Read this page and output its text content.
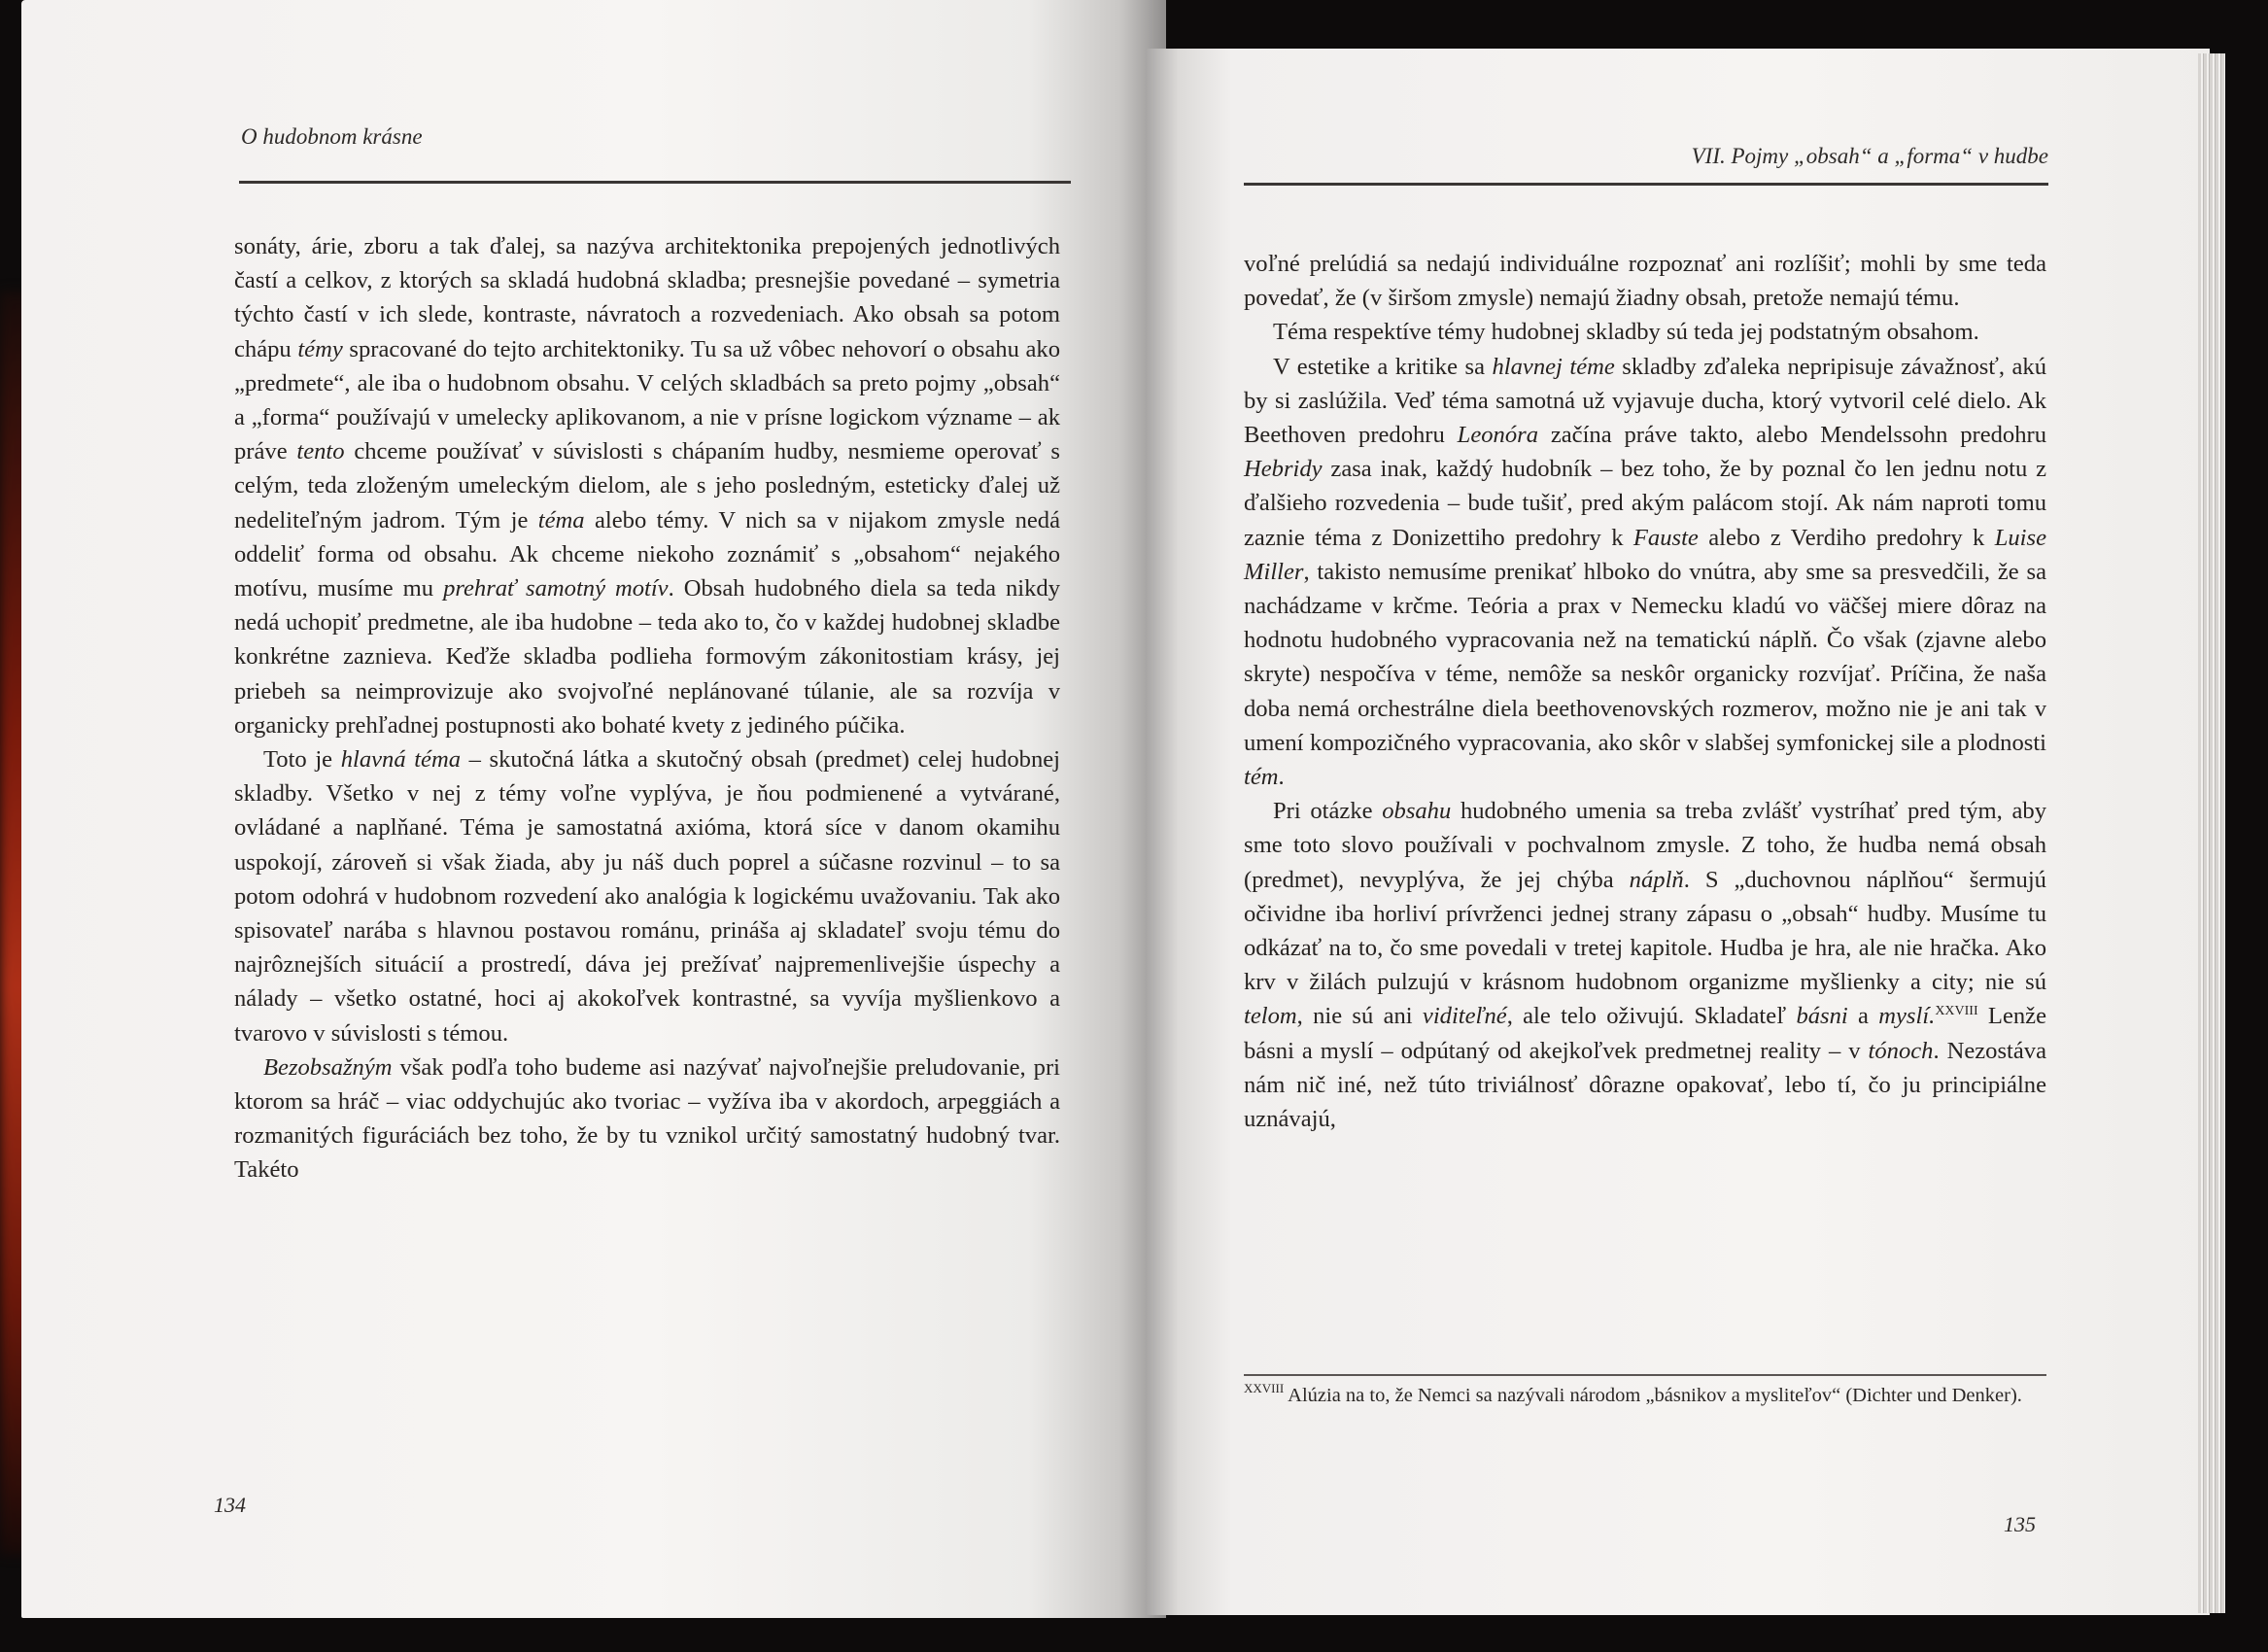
O hudobnom krásne

sonáty, árie, zboru a tak ďalej, sa nazýva architektonika prepojených jednotlivých častí a celkov, z ktorých sa skladá hudobná skladba; presnejšie povedané – symetria týchto častí v ich slede, kontraste, návratoch a rozvedeniach. Ako obsah sa potom chápu témy spracované do tejto architektoniky. Tu sa už vôbec nehovorí o obsahu ako „predmete“, ale iba o hudobnom obsahu. V celých skladbách sa preto pojmy „obsah“ a „forma“ používajú v umelecky aplikovanom, a nie v prísne logickom význame – ak práve tento chceme používať v súvislosti s chápaním hudby, nesmieme operovať s celým, teda zloženým umeleckým dielom, ale s jeho posledným, esteticky ďalej už nedeliteľným jadrom. Tým je téma alebo témy. V nich sa v nijakom zmysle nedá oddeliť forma od obsahu. Ak chceme niekoho zoznámiť s „obsahom“ nejakého motívu, musíme mu prehrať samotný motív. Obsah hudobného diela sa teda nikdy nedá uchopiť predmetne, ale iba hudobne – teda ako to, čo v každej hudobnej skladbe konkrétne zaznieva. Keďže skladba podlieha formovým zákonitostiam krásy, jej priebeh sa neimprovizuje ako svojvoľné neplánované túlanie, ale sa rozvíja v organicky prehľadnej postupnosti ako bohaté kvety z jediného púčika.

Toto je hlavná téma – skutočná látka a skutočný obsah (predmet) celej hudobnej skladby. Všetko v nej z témy voľne vyplýva, je ňou podmienené a vytvárané, ovládané a naplňané. Téma je samostatná axióma, ktorá síce v danom okamihu uspokojí, zároveň si však žiada, aby ju náš duch poprel a súčasne rozvinul – to sa potom odohrá v hudobnom rozvedení ako analógia k logickému uvažovaniu. Tak ako spisovateľ narába s hlavnou postavou románu, prináša aj skladateľ svoju tému do najrôznejších situácií a prostredí, dáva jej prežívať najpremenlivejšie úspechy a nálady – všetko ostatné, hoci aj akokoľvek kontrastné, sa vyvíja myšlienkovo a tvarovo v súvislosti s témou.

Bezobsažným však podľa toho budeme asi nazývať najvoľnejšie preludovanie, pri ktorom sa hráč – viac oddychujúc ako tvoriac – vyžíva iba v akordoch, arpeggiách a rozmanitých figuráciách bez toho, že by tu vznikol určitý samostatný hudobný tvar. Takéto

134
VII. Pojmy „obsah“ a „forma“ v hudbe

voľné prelúdiá sa nedajú individuálne rozpoznať ani rozlíšiť; mohli by sme teda povedať, že (v širšom zmysle) nemajú žiadny obsah, pretože nemajú tému.

Téma respektíve témy hudobnej skladby sú teda jej podstatným obsahom.

V estetike a kritike sa hlavnej téme skladby zďaleka nepripisuje závažnosť, akú by si zaslúžila. Veď téma samotná už vyjavuje ducha, ktorý vytvoril celé dielo. Ak Beethoven predohru Leonóra začína práve takto, alebo Mendelssohn predohru Hebridy zasa inak, každý hudobník – bez toho, že by poznal čo len jednu notu z ďalšieho rozvedenia – bude tušiť, pred akým palácom stojí. Ak nám naproti tomu zaznie téma z Donizettiho predohry k Fauste alebo z Verdiho predohry k Luise Miller, takisto nemusíme prenikať hlboko do vnútra, aby sme sa presvedčili, že sa nachádzame v krčme. Teória a prax v Nemecku kladú vo väčšej miere dôraz na hodnotu hudobného vypracovania než na tematickú náplň. Čo však (zjavne alebo skryte) nespočíva v téme, nemôže sa neskôr organicky rozvíjať. Príčina, že naša doba nemá orchestrálne diela beethovenovských rozmerov, možno nie je ani tak v umení kompozičného vypracovania, ako skôr v slabšej symfonickej sile a plodnosti tém.

Pri otázke obsahu hudobného umenia sa treba zvlášť vystríhať pred tým, aby sme toto slovo používali v pochvalnom zmysle. Z toho, že hudba nemá obsah (predmet), nevyplýva, že jej chýba náplň. S „duchovnou náplňou“ šermujú očividne iba horliví prívrženci jednej strany zápasu o „obsah“ hudby. Musíme tu odkázať na to, čo sme povedali v tretej kapitole. Hudba je hra, ale nie hračka. Ako krv v žilách pulzujú v krásnom hudobnom organizme myšlienky a city; nie sú telom, nie sú ani viditeľné, ale telo oživujú. Skladateľ básni a myslí.$^{XXVIII}$ Lenže básni a myslí – odpútaný od akejkoľvek predmetnej reality – v tónoch. Nezostáva nám nič iné, než túto triviálnosť dôrazne opakovať, lebo tí, čo ju principiálne uznávajú,

$^{XXVIII}$ Alúzia na to, že Nemci sa nazývali národom „básnikov a mysliteľov“ (Dichter und Denker).
135
